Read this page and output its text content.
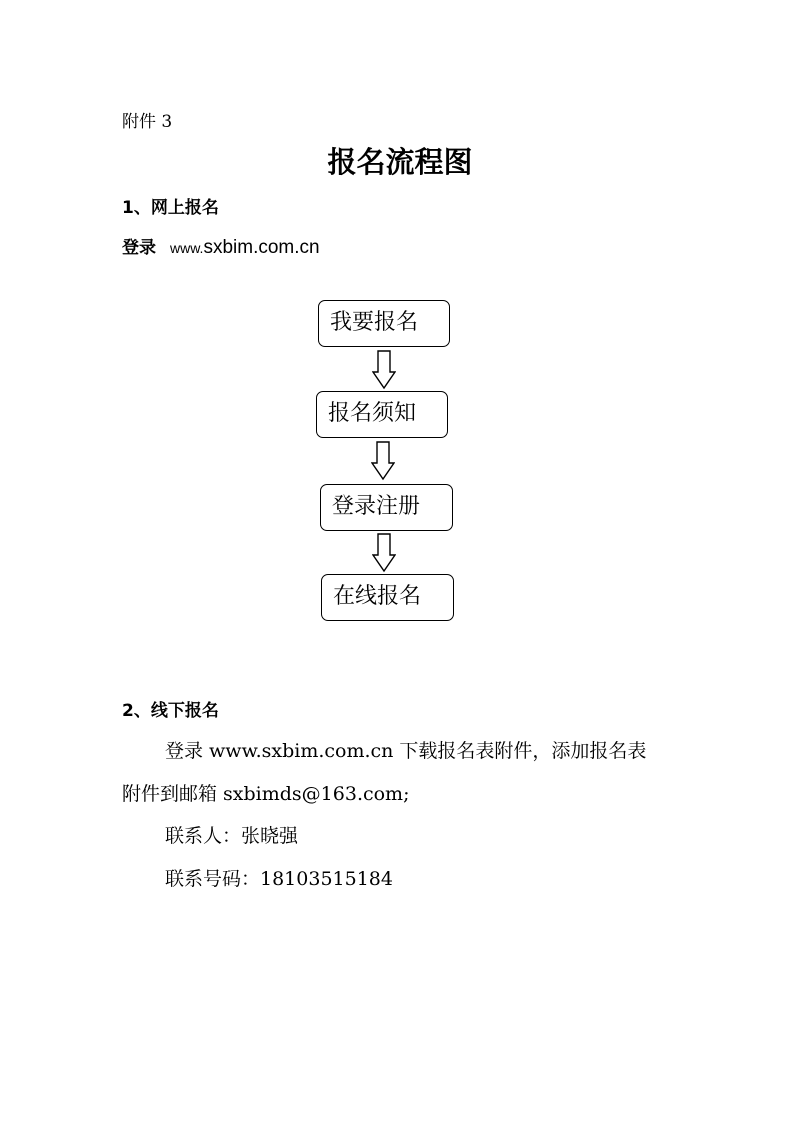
附件 3
报名流程图
1、网上报名
登录 www.sxbim.com.cn
我要报名
报名须知
登录注册
在线报名
2、线下报名
登录 www.sxbim.com.cn 下载报名表附件，添加报名表
附件到邮箱 sxbimds@163.com;
联系人：张晓强
联系号码：18103515184
